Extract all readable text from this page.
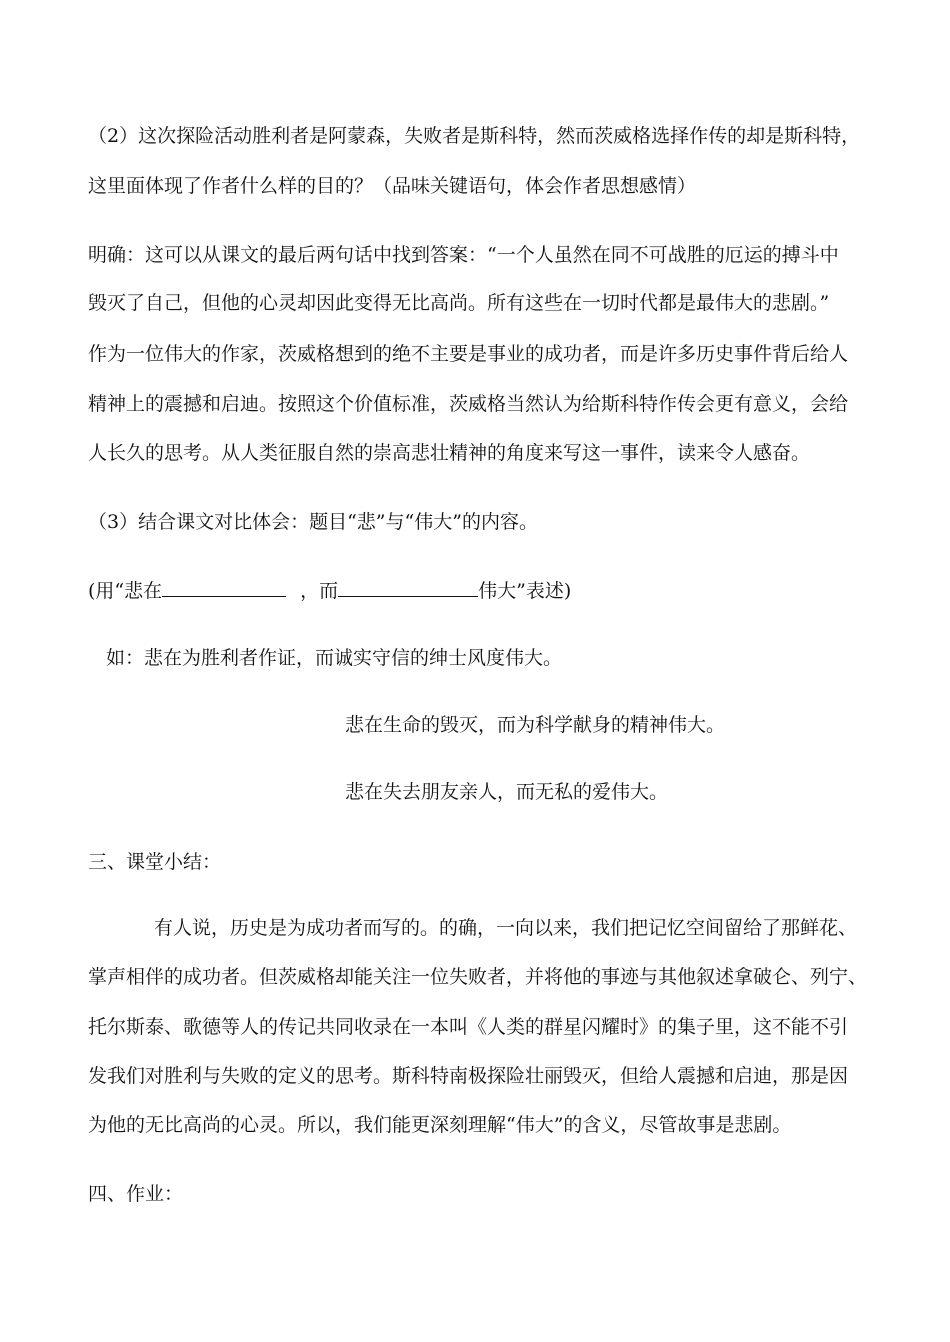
（2）这次探险活动胜利者是阿蒙森，失败者是斯科特，然而茨威格选择作传的却是斯科特，
这里面体现了作者什么样的目的？（品味关键语句，体会作者思想感情）
明确：这可以从课文的最后两句话中找到答案：“一个人虽然在同不可战胜的厄运的搏斗中
毁灭了自己，但他的心灵却因此变得无比高尚。所有这些在一切时代都是最伟大的悲剧。”
作为一位伟大的作家，茨威格想到的绝不主要是事业的成功者，而是许多历史事件背后给人
精神上的震撼和启迪。按照这个价值标准，茨威格当然认为给斯科特作传会更有意义，会给
人长久的思考。从人类征服自然的崇高悲壮精神的角度来写这一事件，读来令人感奋。
（3）结合课文对比体会：题目“悲”与“伟大”的内容。
(用“悲在	，而	伟大”表述)
如：悲在为胜利者作证，而诚实守信的绅士风度伟大。
悲在生命的毁灭，而为科学献身的精神伟大。
悲在失去朋友亲人，而无私的爱伟大。
三、课堂小结：
有人说，历史是为成功者而写的。的确，一向以来，我们把记忆空间留给了那鲜花、
掌声相伴的成功者。但茨威格却能关注一位失败者，并将他的事迹与其他叙述拿破仑、列宁、
托尔斯泰、歌德等人的传记共同收录在一本叫《人类的群星闪耀时》的集子里，这不能不引
发我们对胜利与失败的定义的思考。斯科特南极探险壮丽毁灭，但给人震撼和启迪，那是因
为他的无比高尚的心灵。所以，我们能更深刻理解“伟大”的含义，尽管故事是悲剧。
四、作业：
